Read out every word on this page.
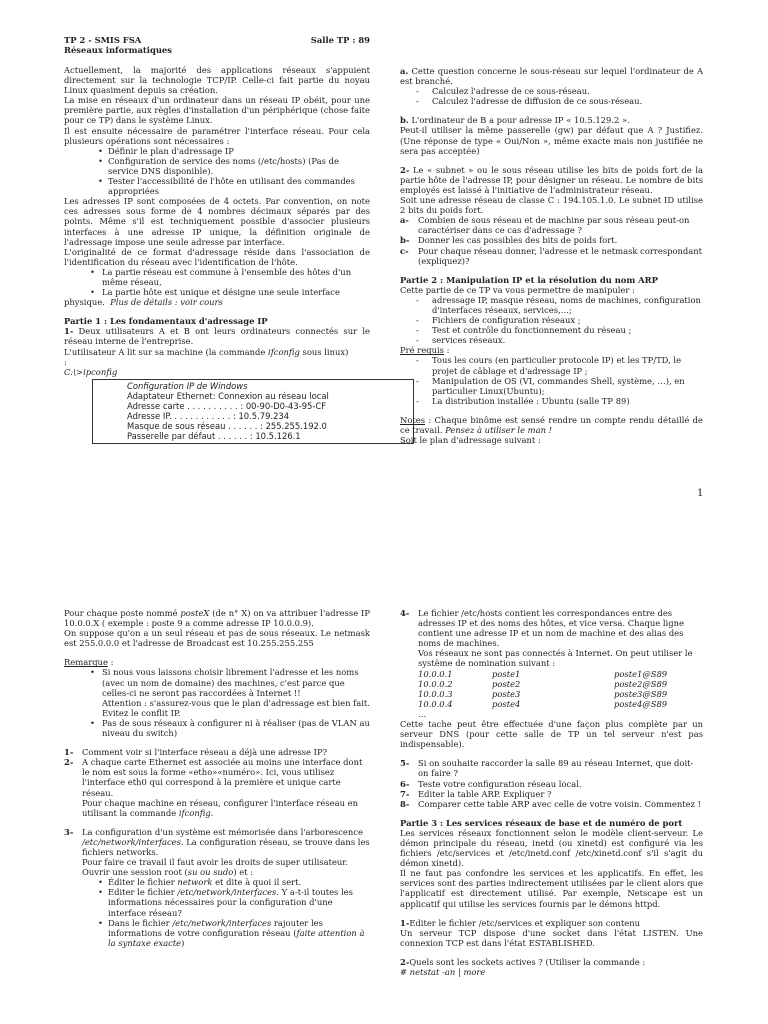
TP 2 - SMIS FSA	Salle TP : 89
Réseaux informatiques

Actuellement, la majorité des applications réseaux s'appuient directement sur la technologie TCP/IP. Celle-ci fait partie du noyau Linux quasiment depuis sa création.

La mise en réseaux d'un ordinateur dans un réseau IP obéit, pour une première partie, aux règles d'installation d'un périphérique (chose faite pour ce TP) dans le système Linux.

Il est ensuite nécessaire de paramétrer l'interface réseau. Pour cela plusieurs opérations sont nécessaires :

• Définir le plan d'adressage IP
• Configuration de service des noms (/etc/hosts) (Pas de service DNS disponible).
• Tester l'accessibilité de l'hôte en utilisant des commandes appropriées

Les adresses IP sont composées de 4 octets. Par convention, on note ces adresses sous forme de 4 nombres décimaux séparés par des points. Même s'il est techniquement possible d'associer plusieurs interfaces à une adresse IP unique, la définition originale de l'adressage impose une seule adresse par interface.

L'originalité de ce format d'adressage réside dans l'association de l'identification du réseau avec l'identification de l'hôte.

• La partie réseau est commune à l'ensemble des hôtes d'un même réseau,
• La partie hôte est unique et désigne une seule interface
physique. Plus de détails : voir cours
Partie 1 : Les fondamentaux d'adressage IP

1- Deux utilisateurs A et B ont leurs ordinateurs connectés sur le réseau interne de l'entreprise.

L'utilisateur A lit sur sa machine (la commande ifconfig sous linux)
:
C:\>ipconfig
Configuration IP de Windows
Adaptateur Ethernet: Connexion au réseau local
Adresse carte . . . . . . . . . . : 00-90-D0-43-95-CF
Adresse IP. . . . . . . . . . . . : 10.5.79.234
Masque de sous réseau . . . . . . : 255.255.192.0
Passerelle par défaut . . . . . . : 10.5.126.1

a. Cette question concerne le sous-réseau sur lequel l'ordinateur de A est branché.

- Calculez l'adresse de ce sous-réseau.
- Calculez l'adresse de diffusion de ce sous-réseau.

b. L'ordinateur de B a pour adresse IP « 10.5.129.2 ».

Peut-il utiliser la même passerelle (gw) par défaut que A ? Justifiez. (Une réponse de type « Oui/Non », même exacte mais non justifiée ne sera pas acceptée)

2- Le « subnet » ou le sous réseau utilise les bits de poids fort de la partie hôte de l'adresse IP, pour désigner un réseau. Le nombre de bits employés est laissé à l'initiative de l'administrateur réseau.

Soit une adresse réseau de classe C : 194.105.1.0. Le subnet ID utilise 2 bits du poids fort.

a- Combien de sous réseau et de machine par sous réseau peut-on caractériser dans ce cas d'adressage ?
b- Donner les cas possibles des bits de poids fort.
c- Pour chaque réseau donner, l'adresse et le netmask correspondant (expliquez)?
Partie 2 : Manipulation IP et la résolution du nom ARP
Cette partie de ce TP va vous permettre de manipuler :
- adressage IP, masque réseau, noms de machines, configuration d'interfaces réseaux, services,…;
- Fichiers de configuration réseaux ;
- Test et contrôle du fonctionnement du réseau ;
- services réseaux.
Pré requis :
- Tous les cours (en particulier protocole IP) et les TP/TD, le projet de câblage et d'adressage IP ;
- Manipulation de OS (VI, commandes Shell, système, …), en particulier Linux(Ubuntu);
- La distribution installée : Ubuntu (salle TP 89)

Notes : Chaque binôme est sensé rendre un compte rendu détaillé de ce travail. Pensez à utiliser le man !

Soit le plan d'adressage suivant :
1

Pour chaque poste nommé posteX (de n° X) on va attribuer l'adresse IP 10.0.0.X ( exemple : poste 9 a comme adresse IP 10.0.0.9).

On suppose qu'on a un seul réseau et pas de sous réseaux. Le netmask est 255.0.0.0 et l'adresse de Broadcast est 10.255.255.255

Remarque :
• Si nous vous laissons choisir librement l'adresse et les noms (avec un nom de domaine) des machines, c'est parce que celles-ci ne seront pas raccordées à Internet !!
Attention : s'assurez-vous que le plan d'adressage est bien fait. Evitez le conflit IP.
• Pas de sous réseaux à configurer ni à réaliser (pas de VLAN au niveau du switch)
1- Comment voir si l'interface réseau a déjà une adresse IP?
2- A chaque carte Ethernet est associée au moins une interface dont le nom est sous la forme «etho»«numéro». Ici, vous utilisez l'interface eth0 qui correspond à la première et unique carte réseau.
Pour chaque machine en réseau, configurer l'interface réseau en utilisant la commande ifconfig.
3- La configuration d'un système est mémorisée dans l'arborescence /etc/network/interfaces. La configuration réseau, se trouve dans les fichiers networks.
Pour faire ce travail il faut avoir les droits de super utilisateur.
Ouvrir une session root (su ou sudo) et :
• Éditer le fichier network et dite à quoi il sert.
• Editer le fichier /etc/network/interfaces. Y a-t-il toutes les informations nécessaires pour la configuration d'une interface réseau?
• Dans le fichier /etc/network/interfaces rajouter les informations de votre configuration réseau (faite attention à la syntaxe exacte)
4- Le fichier /etc/hosts contient les correspondances entre des adresses IP et des noms des hôtes, et vice versa. Chaque ligne contient une adresse IP et un nom de machine et des alias des noms de machines.
Vos réseaux ne sont pas connectés à Internet. On peut utiliser le système de nomination suivant :
10.0.0.1	poste1	poste1@S89
10.0.0.2	poste2	poste2@S89
10.0.0.3	poste3	poste3@S89
10.0.0.4	poste4	poste4@S89
…

Cette tache peut être effectuée d'une façon plus complète par un serveur DNS (pour cette salle de TP un tel serveur n'est pas indispensable).

5- Si on souhaite raccorder la salle 89 au réseau Internet, que doit-on faire ?
6- Teste votre configuration réseau local.
7- Editer la table ARP. Expliquer ?
8- Comparer cette table ARP avec celle de votre voisin. Commentez !
Partie 3 : Les services réseaux de base et de numéro de port

Les services réseaux fonctionnent selon le modèle client-serveur. Le démon principale du réseau, inetd (ou xinetd) est configuré via les fichiers /etc/services et /etc/inetd.conf /etc/xinetd.conf s'il s'agit du démon xinetd).

Il ne faut pas confondre les services et les applicatifs. En effet, les services sont des parties indirectement utilisées par le client alors que l'applicatif est directement utilisé. Par exemple, Netscape est un applicatif qui utilise les services fournis par le démons httpd.

1-Editer le fichier /etc/services et expliquer son contenu

Un serveur TCP dispose d'une socket dans l'état LISTEN. Une connexion TCP est dans l'état ESTABLISHED.

2-Quels sont les sockets actives ? (Utiliser la commande :
# netstat -an | more
